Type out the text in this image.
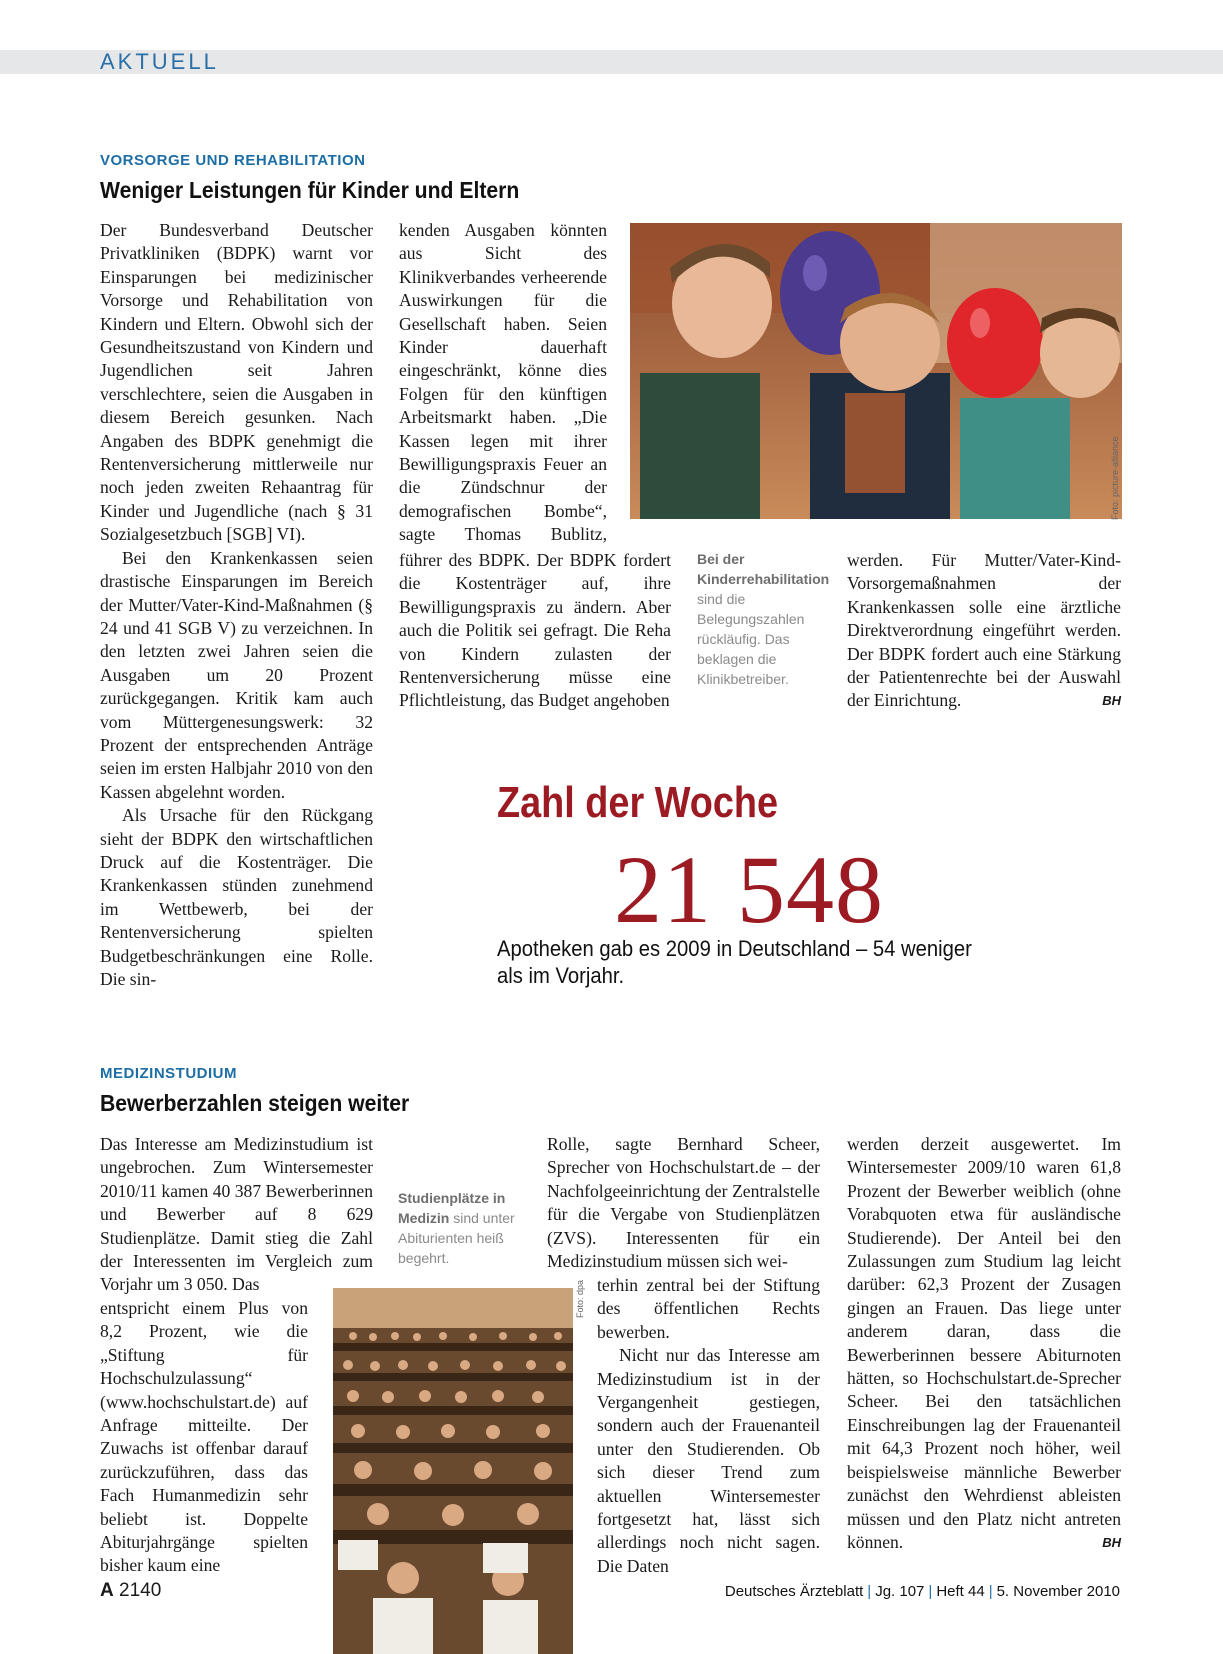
AKTUELL
VORSORGE UND REHABILITATION
Weniger Leistungen für Kinder und Eltern

Der Bundesverband Deutscher Privatkliniken (BDPK) warnt vor Einsparungen bei medizinischer Vorsorge und Rehabilitation von Kindern und Eltern. Obwohl sich der Gesundheitszustand von Kindern und Jugendlichen seit Jahren verschlechtere, seien die Ausgaben in diesem Bereich gesunken. Nach Angaben des BDPK genehmigt die Rentenversicherung mittlerweile nur noch jeden zweiten Rehaantrag für Kinder und Jugendliche (nach § 31 Sozialgesetzbuch [SGB] VI).

Bei den Krankenkassen seien drastische Einsparungen im Bereich der Mutter/Vater-Kind-Maßnahmen (§ 24 und 41 SGB V) zu verzeichnen. In den letzten zwei Jahren seien die Ausgaben um 20 Prozent zurückgegangen. Kritik kam auch vom Müttergenesungswerk: 32 Prozent der entsprechenden Anträge seien im ersten Halbjahr 2010 von den Kassen abgelehnt worden.

Als Ursache für den Rückgang sieht der BDPK den wirtschaftlichen Druck auf die Kostenträger. Die Krankenkassen stünden zunehmend im Wettbewerb, bei der Rentenversicherung spielten Budgetbeschränkungen eine Rolle. Die sin-

kenden Ausgaben könnten aus Sicht des Klinikverbandes verheerende Auswirkungen für die Gesellschaft haben. Seien Kinder dauerhaft eingeschränkt, könne dies Folgen für den künftigen Arbeitsmarkt haben. „Die Kassen legen mit ihrer Bewilligungspraxis Feuer an die Zündschnur der demografischen Bombe“, sagte Thomas Bublitz,

Foto: picture-alliance

führer des BDPK. Der BDPK fordert die Kostenträger auf, ihre Bewilligungspraxis zu ändern. Aber auch die Politik sei gefragt. Die Reha von Kindern zulasten der Rentenversicherung müsse eine Pflichtleistung, das Budget angehoben

Bei der Kinderrehabilitation sind die Belegungszahlen rückläufig. Das beklagen die Klinikbetreiber.

werden. Für Mutter/Vater-Kind-Vorsorgemaßnahmen der Krankenkassen solle eine ärztliche Direktverordnung eingeführt werden. Der BDPK fordert auch eine Stärkung der Patientenrechte bei der Auswahl der Einrichtung.	BH

Zahl der Woche
21 548
Apotheken gab es 2009 in Deutschland – 54 weniger als im Vorjahr.
MEDIZINSTUDIUM
Bewerberzahlen steigen weiter

Das Interesse am Medizinstudium ist ungebrochen. Zum Wintersemester 2010/11 kamen 40 387 Bewerberinnen und Bewerber auf 8 629 Studienplätze. Damit stieg die Zahl der Interessenten im Vergleich zum Vorjahr um 3 050. Das

entspricht einem Plus von 8,2 Prozent, wie die „Stiftung für Hochschulzulassung“ (www.hochschulstart.de) auf Anfrage mitteilte. Der Zuwachs ist offenbar darauf zurückzuführen, dass das Fach Humanmedizin sehr beliebt ist. Doppelte Abiturjahrgänge spielten bisher kaum eine

Studienplätze in Medizin sind unter Abiturienten heiß begehrt.
Foto: dpa

Rolle, sagte Bernhard Scheer, Sprecher von Hochschulstart.de – der Nachfolgeeinrichtung der Zentralstelle für die Vergabe von Studienplätzen (ZVS). Interessenten für ein Medizinstudium müssen sich wei-

terhin zentral bei der Stiftung des öffentlichen Rechts bewerben.

Nicht nur das Interesse am Medizinstudium ist in der Vergangenheit gestiegen, sondern auch der Frauenanteil unter den Studierenden. Ob sich dieser Trend zum aktuellen Wintersemester fortgesetzt hat, lässt sich allerdings noch nicht sagen. Die Daten

werden derzeit ausgewertet. Im Wintersemester 2009/10 waren 61,8 Prozent der Bewerber weiblich (ohne Vorabquoten etwa für ausländische Studierende). Der Anteil bei den Zulassungen zum Studium lag leicht darüber: 62,3 Prozent der Zusagen gingen an Frauen. Das liege unter anderem daran, dass die Bewerberinnen bessere Abiturnoten hätten, so Hochschulstart.de-Sprecher Scheer. Bei den tatsächlichen Einschreibungen lag der Frauenanteil mit 64,3 Prozent noch höher, weil beispielsweise männliche Bewerber zunächst den Wehrdienst ableisten müssen und den Platz nicht antreten können.	BH

A 2140	Deutsches Ärzteblatt | Jg. 107 | Heft 44 | 5. November 2010
